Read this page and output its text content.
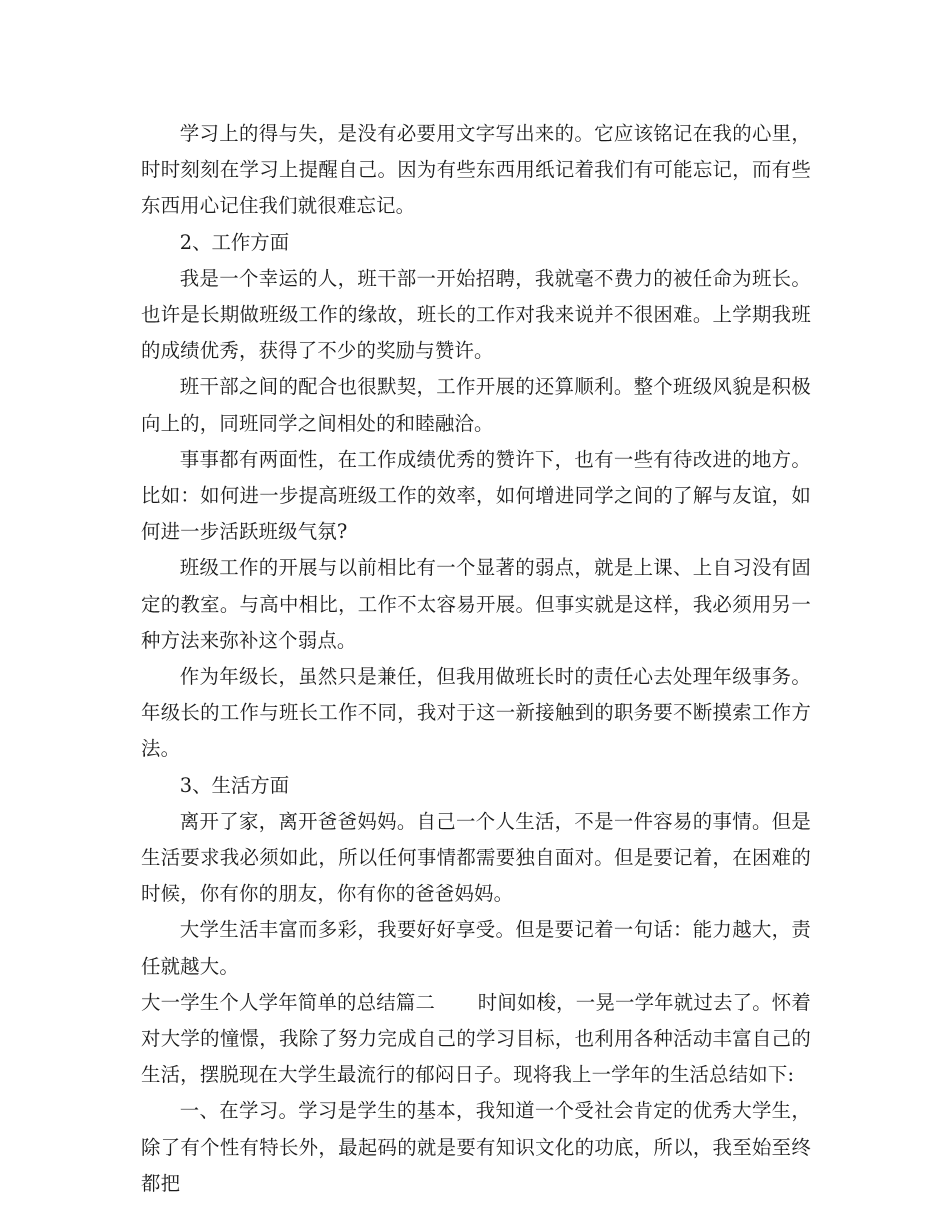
学习上的得与失，是没有必要用文字写出来的。它应该铭记在我的心里，时时刻刻在学习上提醒自己。因为有些东西用纸记着我们有可能忘记，而有些东西用心记住我们就很难忘记。

2、工作方面

我是一个幸运的人，班干部一开始招聘，我就毫不费力的被任命为班长。也许是长期做班级工作的缘故，班长的工作对我来说并不很困难。上学期我班的成绩优秀，获得了不少的奖励与赞许。

班干部之间的配合也很默契，工作开展的还算顺利。整个班级风貌是积极向上的，同班同学之间相处的和睦融洽。

事事都有两面性，在工作成绩优秀的赞许下，也有一些有待改进的地方。比如：如何进一步提高班级工作的效率，如何增进同学之间的了解与友谊，如何进一步活跃班级气氛?

班级工作的开展与以前相比有一个显著的弱点，就是上课、上自习没有固定的教室。与高中相比，工作不太容易开展。但事实就是这样，我必须用另一种方法来弥补这个弱点。

作为年级长，虽然只是兼任，但我用做班长时的责任心去处理年级事务。年级长的工作与班长工作不同，我对于这一新接触到的职务要不断摸索工作方法。

3、生活方面

离开了家，离开爸爸妈妈。自己一个人生活，不是一件容易的事情。但是生活要求我必须如此，所以任何事情都需要独自面对。但是要记着，在困难的时候，你有你的朋友，你有你的爸爸妈妈。

大学生活丰富而多彩，我要好好享受。但是要记着一句话：能力越大，责任就越大。

大一学生个人学年简单的总结篇二 时间如梭，一晃一学年就过去了。怀着对大学的憧憬，我除了努力完成自己的学习目标，也利用各种活动丰富自己的生活，摆脱现在大学生最流行的郁闷日子。现将我上一学年的生活总结如下:

一、在学习。学习是学生的基本，我知道一个受社会肯定的优秀大学生，除了有个性有特长外，最起码的就是要有知识文化的功底，所以，我至始至终都把
